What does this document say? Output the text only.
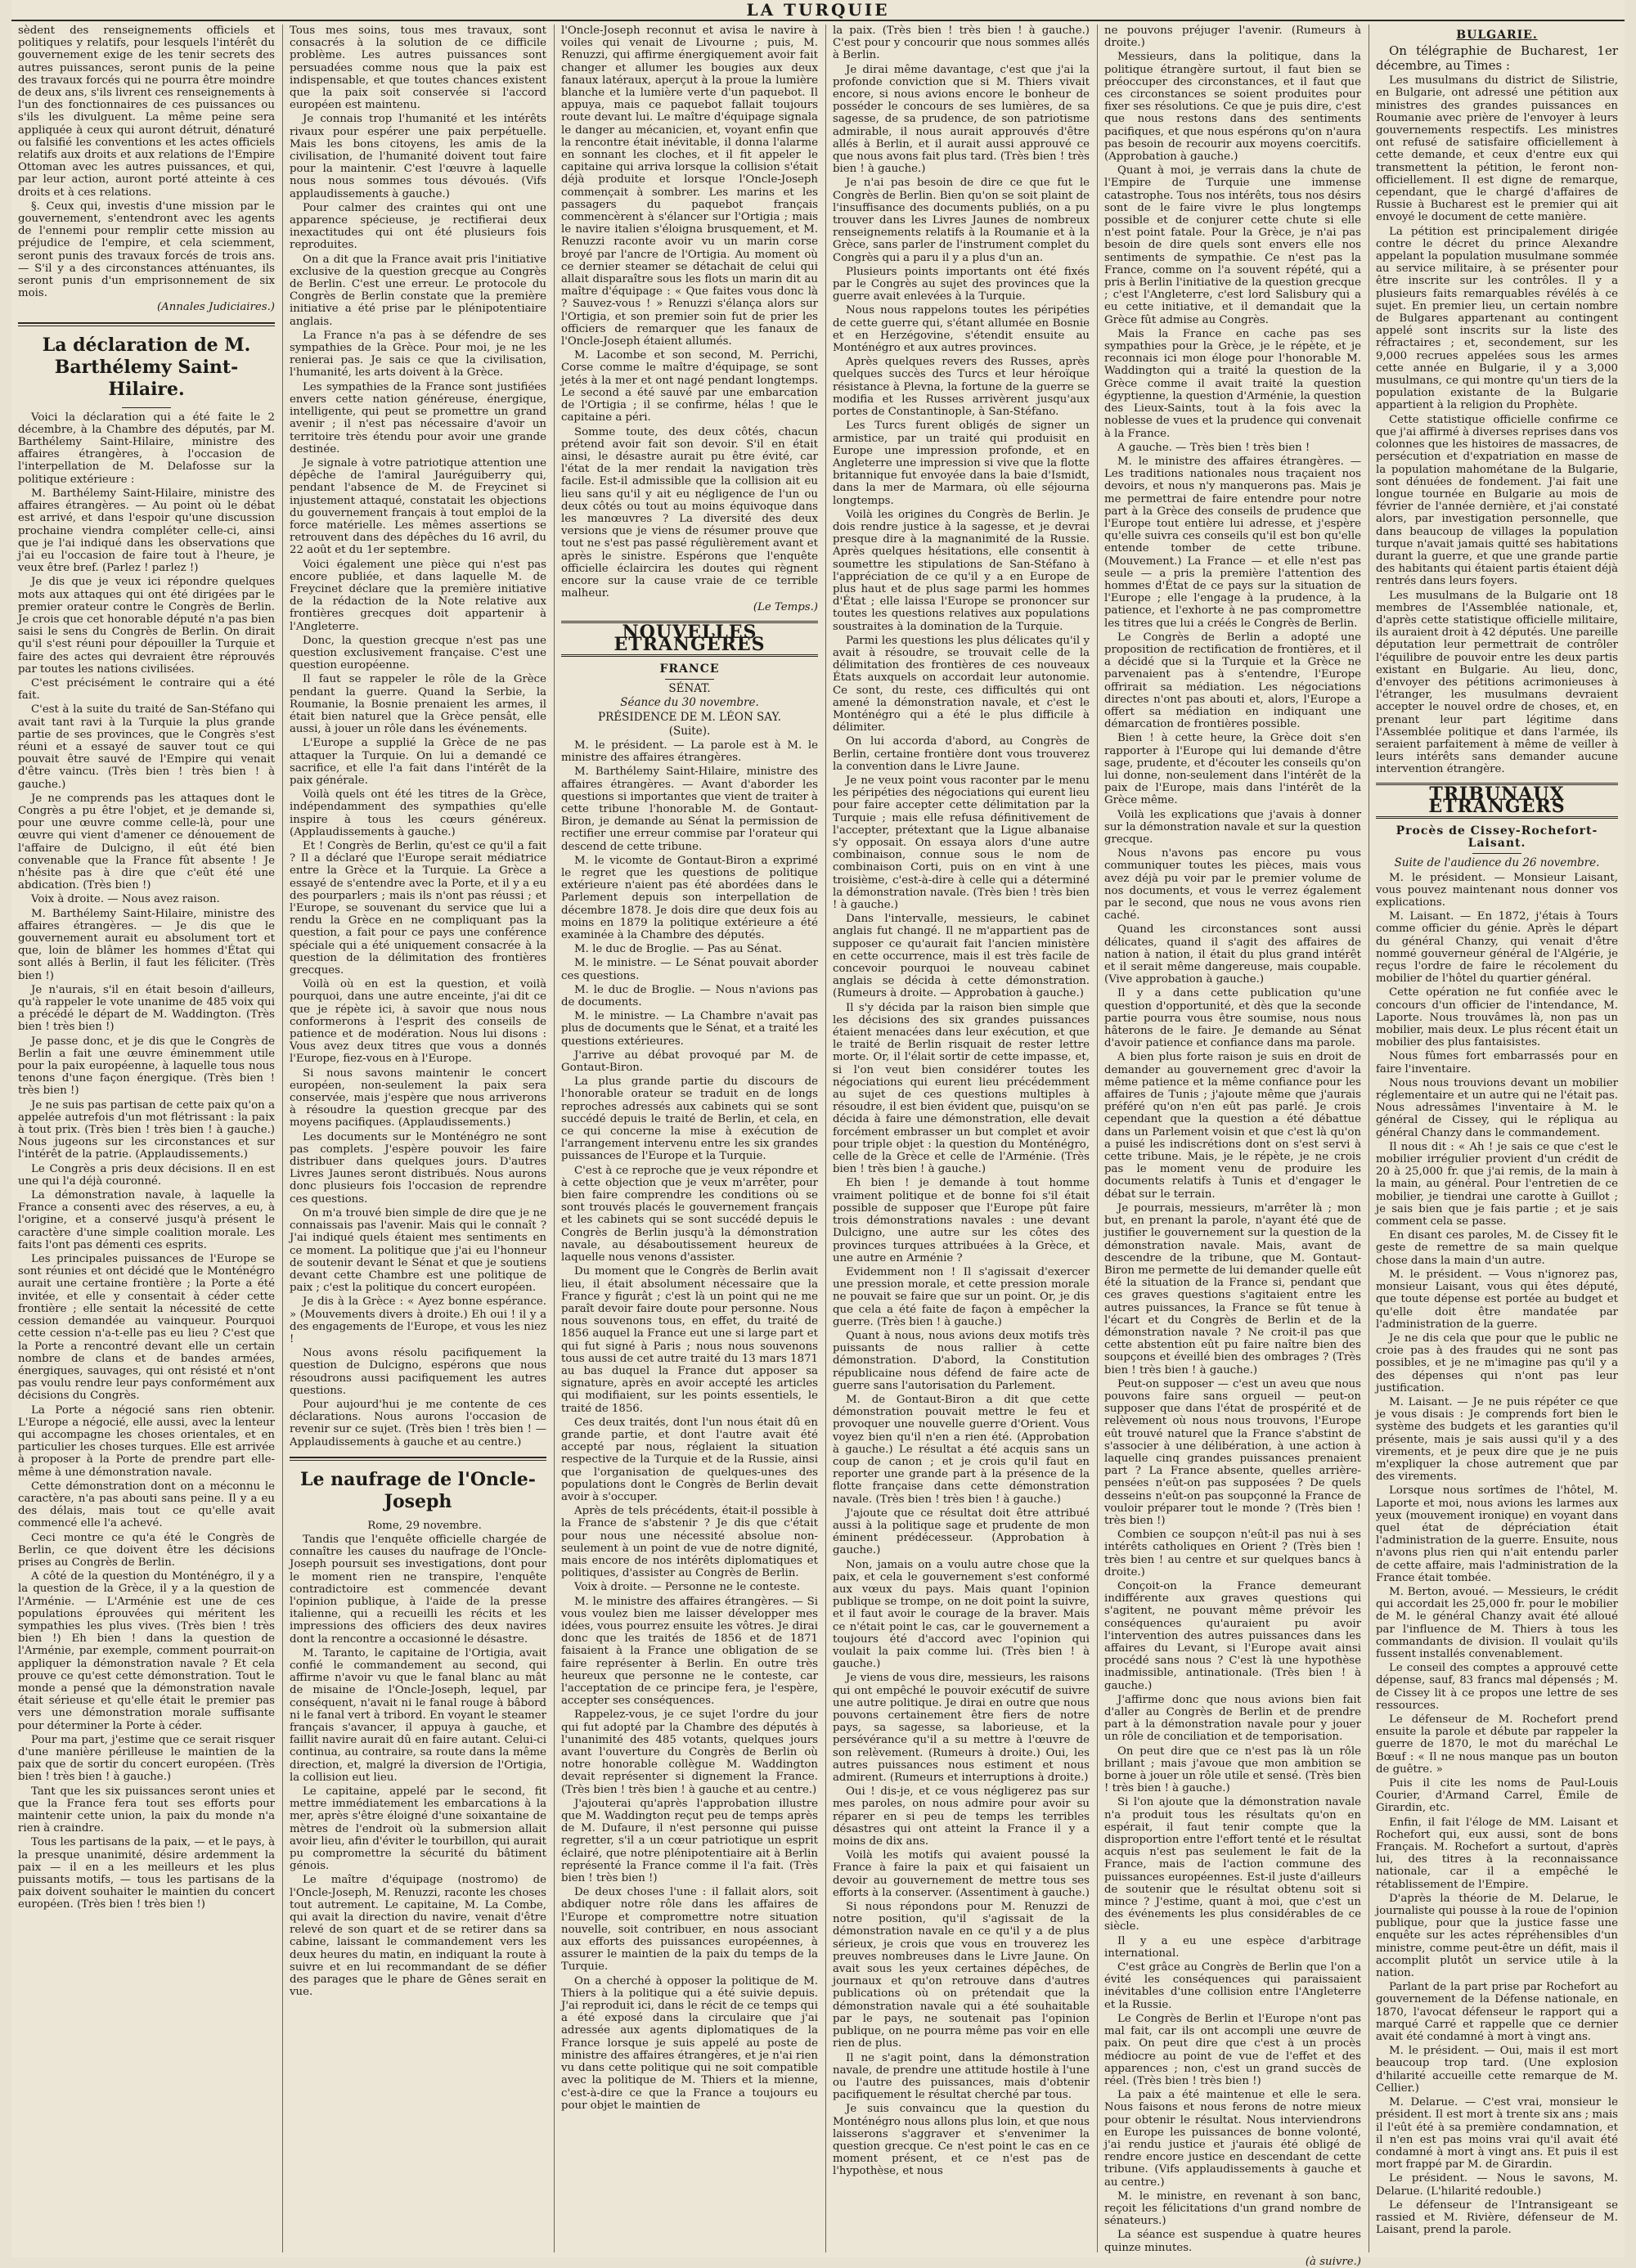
LA TURQUIE

sèdent des renseignements officiels et politiques y relatifs, pour lesquels l'intérêt du gouvernement exige de les tenir secrets des autres puissances, seront punis de la peine des travaux forcés qui ne pourra être moindre de deux ans, s'ils livrent ces renseignements à l'un des fonctionnaires de ces puissances ou s'ils les divulguent. La même peine sera appliquée à ceux qui auront détruit, dénaturé ou falsifié les conventions et les actes officiels relatifs aux droits et aux relations de l'Empire Ottoman avec les autres puissances, et qui, par leur action, auront porté atteinte à ces droits et à ces relations.

§. Ceux qui, investis d'une mission par le gouvernement, s'entendront avec les agents de l'ennemi pour remplir cette mission au préjudice de l'empire, et cela sciemment, seront punis des travaux forcés de trois ans. — S'il y a des circonstances atténuantes, ils seront punis d'un emprisonnement de six mois.

(Annales Judiciaires.)

La déclaration de M. Barthélemy Saint-Hilaire.

Voici la déclaration qui a été faite le 2 décembre, à la Chambre des députés, par M. Barthélemy Saint-Hilaire, ministre des affaires étrangères, à l'occasion de l'interpellation de M. Delafosse sur la politique extérieure :

M. Barthélemy Saint-Hilaire, ministre des affaires étrangères. — Au point où le débat est arrivé, et dans l'espoir qu'une discussion prochaine viendra compléter celle-ci, ainsi que je l'ai indiqué dans les observations que j'ai eu l'occasion de faire tout à l'heure, je veux être bref. (Parlez ! parlez !)

Je dis que je veux ici répondre quelques mots aux attaques qui ont été dirigées par le premier orateur contre le Congrès de Berlin. Je crois que cet honorable député n'a pas bien saisi le sens du Congrès de Berlin. On dirait qu'il s'est réuni pour dépouiller la Turquie et faire des actes qui devraient être réprouvés par toutes les nations civilisées.

C'est précisément le contraire qui a été fait.

C'est à la suite du traité de San-Stéfano qui avait tant ravi à la Turquie la plus grande partie de ses provinces, que le Congrès s'est réuni et a essayé de sauver tout ce qui pouvait être sauvé de l'Empire qui venait d'être vaincu. (Très bien ! très bien ! à gauche.)

Je ne comprends pas les attaques dont le Congrès a pu être l'objet, et je demande si, pour une œuvre comme celle-là, pour une œuvre qui vient d'amener ce dénouement de l'affaire de Dulcigno, il eût été bien convenable que la France fût absente ! Je n'hésite pas à dire que c'eût été une abdication. (Très bien !)

Voix à droite. — Nous avez raison.

M. Barthélemy Saint-Hilaire, ministre des affaires étrangères. — Je dis que le gouvernement aurait eu absolument tort et que, loin de blâmer les hommes d'État qui sont allés à Berlin, il faut les féliciter. (Très bien !)

Je n'aurais, s'il en était besoin d'ailleurs, qu'à rappeler le vote unanime de 485 voix qui a précédé le départ de M. Waddington. (Très bien ! très bien !)

Je passe donc, et je dis que le Congrès de Berlin a fait une œuvre éminemment utile pour la paix européenne, à laquelle tous nous tenons d'une façon énergique. (Très bien ! très bien !)

Je ne suis pas partisan de cette paix qu'on a appelée autrefois d'un mot flétrissant : la paix à tout prix. (Très bien ! très bien ! à gauche.) Nous jugeons sur les circonstances et sur l'intérêt de la patrie. (Applaudissements.)

Le Congrès a pris deux décisions. Il en est une qui l'a déjà couronné.

La démonstration navale, à laquelle la France a consenti avec des réserves, a eu, à l'origine, et a conservé jusqu'à présent le caractère d'une simple coalition morale. Les faits l'ont pas démenti ces esprits.

Les principales puissances de l'Europe se sont réunies et ont décidé que le Monténégro aurait une certaine frontière ; la Porte a été invitée, et elle y consentait à céder cette frontière ; elle sentait la nécessité de cette cession demandée au vainqueur. Pourquoi cette cession n'a-t-elle pas eu lieu ? C'est que la Porte a rencontré devant elle un certain nombre de clans et de bandes armées, énergiques, sauvages, qui ont résisté et n'ont pas voulu rendre leur pays conformément aux décisions du Congrès.

La Porte a négocié sans rien obtenir. L'Europe a négocié, elle aussi, avec la lenteur qui accompagne les choses orientales, et en particulier les choses turques. Elle est arrivée à proposer à la Porte de prendre part elle-même à une démonstration navale.

Cette démonstration dont on a méconnu le caractère, n'a pas abouti sans peine. Il y a eu des délais, mais tout ce qu'elle avait commencé elle l'a achevé.

Ceci montre ce qu'a été le Congrès de Berlin, ce que doivent être les décisions prises au Congrès de Berlin.

A côté de la question du Monténégro, il y a la question de la Grèce, il y a la question de l'Arménie. — L'Arménie est une de ces populations éprouvées qui méritent les sympathies les plus vives. (Très bien ! très bien !) Eh bien ! dans la question de l'Arménie, par exemple, comment pourrait-on appliquer la démonstration navale ? Et cela prouve ce qu'est cette démonstration. Tout le monde a pensé que la démonstration navale était sérieuse et qu'elle était le premier pas vers une démonstration morale suffisante pour déterminer la Porte à céder.

Pour ma part, j'estime que ce serait risquer d'une manière périlleuse le maintien de la paix que de sortir du concert européen. (Très bien ! très bien ! à gauche.)

Tant que les six puissances seront unies et que la France fera tout ses efforts pour maintenir cette union, la paix du monde n'a rien à craindre.

Tous les partisans de la paix, — et le pays, à la presque unanimité, désire ardemment la paix — il en a les meilleurs et les plus puissants motifs, — tous les partisans de la paix doivent souhaiter le maintien du concert européen. (Très bien ! très bien !)

Tous mes soins, tous mes travaux, sont consacrés à la solution de ce difficile problème. Les autres puissances sont persuadées comme nous que la paix est indispensable, et que toutes chances existent que la paix soit conservée si l'accord européen est maintenu.

Je connais trop l'humanité et les intérêts rivaux pour espérer une paix perpétuelle. Mais les bons citoyens, les amis de la civilisation, de l'humanité doivent tout faire pour la maintenir. C'est l'œuvre à laquelle nous nous sommes tous dévoués. (Vifs applaudissements à gauche.)

Pour calmer des craintes qui ont une apparence spécieuse, je rectifierai deux inexactitudes qui ont été plusieurs fois reproduites.

On a dit que la France avait pris l'initiative exclusive de la question grecque au Congrès de Berlin. C'est une erreur. Le protocole du Congrès de Berlin constate que la première initiative a été prise par le plénipotentiaire anglais.

La France n'a pas à se défendre de ses sympathies de la Grèce. Pour moi, je ne les renierai pas. Je sais ce que la civilisation, l'humanité, les arts doivent à la Grèce.

Les sympathies de la France sont justifiées envers cette nation généreuse, énergique, intelligente, qui peut se promettre un grand avenir ; il n'est pas nécessaire d'avoir un territoire très étendu pour avoir une grande destinée.

Je signale à votre patriotique attention une dépêche de l'amiral Jauréguiberry qui, pendant l'absence de M. de Freycinet si injustement attaqué, constatait les objections du gouvernement français à tout emploi de la force matérielle. Les mêmes assertions se retrouvent dans des dépêches du 16 avril, du 22 août et du 1er septembre.

Voici également une pièce qui n'est pas encore publiée, et dans laquelle M. de Freycinet déclare que la première initiative de la rédaction de la Note relative aux frontières grecques doit appartenir à l'Angleterre.

Donc, la question grecque n'est pas une question exclusivement française. C'est une question européenne.

Il faut se rappeler le rôle de la Grèce pendant la guerre. Quand la Serbie, la Roumanie, la Bosnie prenaient les armes, il était bien naturel que la Grèce pensât, elle aussi, à jouer un rôle dans les événements.

L'Europe a supplié la Grèce de ne pas attaquer la Turquie. On lui a demandé ce sacrifice, et elle l'a fait dans l'intérêt de la paix générale.

Voilà quels ont été les titres de la Grèce, indépendamment des sympathies qu'elle inspire à tous les cœurs généreux. (Applaudissements à gauche.)

Et ! Congrès de Berlin, qu'est ce qu'il a fait ? Il a déclaré que l'Europe serait médiatrice entre la Grèce et la Turquie. La Grèce a essayé de s'entendre avec la Porte, et il y a eu des pourparlers ; mais ils n'ont pas réussi ; et l'Europe, se souvenant du service que lui a rendu la Grèce en ne compliquant pas la question, a fait pour ce pays une conférence spéciale qui a été uniquement consacrée à la question de la délimitation des frontières grecques.

Voilà où en est la question, et voilà pourquoi, dans une autre enceinte, j'ai dit ce que je répète ici, à savoir que nous nous conformerons à l'esprit des conseils de patience et de modération. Nous lui disons : Vous avez deux titres que vous a donnés l'Europe, fiez-vous en à l'Europe.

Si nous savons maintenir le concert européen, non-seulement la paix sera conservée, mais j'espère que nous arriverons à résoudre la question grecque par des moyens pacifiques. (Applaudissements.)

Les documents sur le Monténégro ne sont pas complets. J'espère pouvoir les faire distribuer dans quelques jours. D'autres Livres Jaunes seront distribués. Nous aurons donc plusieurs fois l'occasion de reprendre ces questions.

On m'a trouvé bien simple de dire que je ne connaissais pas l'avenir. Mais qui le connaît ? J'ai indiqué quels étaient mes sentiments en ce moment. La politique que j'ai eu l'honneur de soutenir devant le Sénat et que je soutiens devant cette Chambre est une politique de paix ; c'est la politique du concert européen.

Je dis à la Grèce : « Ayez bonne espérance. » (Mouvements divers à droite.) Eh oui ! il y a des engagements de l'Europe, et vous les niez !

Nous avons résolu pacifiquement la question de Dulcigno, espérons que nous résoudrons aussi pacifiquement les autres questions.

Pour aujourd'hui je me contente de ces déclarations. Nous aurons l'occasion de revenir sur ce sujet. (Très bien ! très bien ! — Applaudissements à gauche et au centre.)

Le naufrage de l'Oncle-Joseph

Rome, 29 novembre.

Tandis que l'enquête officielle chargée de connaître les causes du naufrage de l'Oncle-Joseph poursuit ses investigations, dont pour le moment rien ne transpire, l'enquête contradictoire est commencée devant l'opinion publique, à l'aide de la presse italienne, qui a recueilli les récits et les impressions des officiers des deux navires dont la rencontre a occasionné le désastre.

M. Taranto, le capitaine de l'Ortigia, avait confié le commandement au second, qui affirme n'avoir vu que le fanal blanc au mât de misaine de l'Oncle-Joseph, lequel, par conséquent, n'avait ni le fanal rouge à bâbord ni le fanal vert à tribord. En voyant le steamer français s'avancer, il appuya à gauche, et faillit navire aurait dû en faire autant. Celui-ci continua, au contraire, sa route dans la même direction, et, malgré la diversion de l'Ortigia, la collision eut lieu.

Le capitaine, appelé par le second, fit mettre immédiatement les embarcations à la mer, après s'être éloigné d'une soixantaine de mètres de l'endroit où la submersion allait avoir lieu, afin d'éviter le tourbillon, qui aurait pu compromettre la sécurité du bâtiment génois.

Le maître d'équipage (nostromo) de l'Oncle-Joseph, M. Renuzzi, raconte les choses tout autrement. Le capitaine, M. La Combe, qui avait la direction du navire, venait d'être relevé de son quart et de se retirer dans sa cabine, laissant le commandement vers les deux heures du matin, en indiquant la route à suivre et en lui recommandant de se défier des parages que le phare de Gênes serait en vue.

l'Oncle-Joseph reconnut et avisa le navire à voiles qui venait de Livourne ; puis, M. Renuzzi, qui affirme énergiquement avoir fait changer et allumer les bougies aux deux fanaux latéraux, aperçut à la proue la lumière blanche et la lumière verte d'un paquebot. Il appuya, mais ce paquebot fallait toujours route devant lui. Le maître d'équipage signala le danger au mécanicien, et, voyant enfin que la rencontre était inévitable, il donna l'alarme en sonnant les cloches, et il fit appeler le capitaine qui arriva lorsque la collision s'était déjà produite et lorsque l'Oncle-Joseph commençait à sombrer. Les marins et les passagers du paquebot français commencèrent à s'élancer sur l'Ortigia ; mais le navire italien s'éloigna brusquement, et M. Renuzzi raconte avoir vu un marin corse broyé par l'ancre de l'Ortigia. Au moment où ce dernier steamer se détachait de celui qui allait disparaître sous les flots un marin dit au maître d'équipage : « Que faites vous donc là ? Sauvez-vous ! » Renuzzi s'élança alors sur l'Ortigia, et son premier soin fut de prier les officiers de remarquer que les fanaux de l'Oncle-Joseph étaient allumés.

M. Lacombe et son second, M. Perrichi, Corse comme le maître d'équipage, se sont jetés à la mer et ont nagé pendant longtemps. Le second a été sauvé par une embarcation de l'Ortigia ; il se confirme, hélas ! que le capitaine a péri.

Somme toute, des deux côtés, chacun prétend avoir fait son devoir. S'il en était ainsi, le désastre aurait pu être évité, car l'état de la mer rendait la navigation très facile. Est-il admissible que la collision ait eu lieu sans qu'il y ait eu négligence de l'un ou deux côtés ou tout au moins équivoque dans les manœuvres ? La diversité des deux versions que je viens de résumer prouve que tout ne s'est pas passé régulièrement avant et après le sinistre. Espérons que l'enquête officielle éclaircira les doutes qui règnent encore sur la cause vraie de ce terrible malheur.

(Le Temps.)

NOUVELLES ETRANGÈRES
FRANCE
SÉNAT.
Séance du 30 novembre.
PRÉSIDENCE DE M. LÉON SAY.
(Suite).

M. le président. — La parole est à M. le ministre des affaires étrangères.

M. Barthélemy Saint-Hilaire, ministre des affaires étrangères. — Avant d'aborder les questions si importantes que vient de traiter à cette tribune l'honorable M. de Gontaut-Biron, je demande au Sénat la permission de rectifier une erreur commise par l'orateur qui descend de cette tribune.

M. le vicomte de Gontaut-Biron a exprimé le regret que les questions de politique extérieure n'aient pas été abordées dans le Parlement depuis son interpellation de décembre 1878. Je dois dire que deux fois au moins en 1879 la politique extérieure a été examinée à la Chambre des députés.

M. le duc de Broglie. — Pas au Sénat.

M. le ministre. — Le Sénat pouvait aborder ces questions.

M. le duc de Broglie. — Nous n'avions pas de documents.

M. le ministre. — La Chambre n'avait pas plus de documents que le Sénat, et a traité les questions extérieures.

J'arrive au débat provoqué par M. de Gontaut-Biron.

La plus grande partie du discours de l'honorable orateur se traduit en de longs reproches adressés aux cabinets qui se sont succédé depuis le traité de Berlin, et cela, en ce qui concerne la mise à exécution de l'arrangement intervenu entre les six grandes puissances de l'Europe et la Turquie.

C'est à ce reproche que je veux répondre et à cette objection que je veux m'arrêter, pour bien faire comprendre les conditions où se sont trouvés placés le gouvernement français et les cabinets qui se sont succédé depuis le Congrès de Berlin jusqu'à la démonstration navale, au désaboutissement heureux de laquelle nous venons d'assister.

Du moment que le Congrès de Berlin avait lieu, il était absolument nécessaire que la France y figurât ; c'est là un point qui ne me paraît devoir faire doute pour personne. Nous nous souvenons tous, en effet, du traité de 1856 auquel la France eut une si large part et qui fut signé à Paris ; nous nous souvenons tous aussi de cet autre traité du 13 mars 1871 au bas duquel la France dut apposer sa signature, après en avoir accepté les articles qui modifiaient, sur les points essentiels, le traité de 1856.

Ces deux traités, dont l'un nous était dû en grande partie, et dont l'autre avait été accepté par nous, réglaient la situation respective de la Turquie et de la Russie, ainsi que l'organisation de quelques-unes des populations dont le Congrès de Berlin devait avoir à s'occuper.

Après de tels précédents, était-il possible à la France de s'abstenir ? Je dis que c'était pour nous une nécessité absolue non-seulement à un point de vue de notre dignité, mais encore de nos intérêts diplomatiques et politiques, d'assister au Congrès de Berlin.

Voix à droite. — Personne ne le conteste.

M. le ministre des affaires étrangères. — Si vous voulez bien me laisser développer mes idées, vous pourrez ensuite les vôtres. Je dirai donc que les traités de 1856 et de 1871 faisaient à la France une obligation de se faire représenter à Berlin. En outre très heureux que personne ne le conteste, car l'acceptation de ce principe fera, je l'espère, accepter ses conséquences.

Rappelez-vous, je ce sujet l'ordre du jour qui fut adopté par la Chambre des députés à l'unanimité des 485 votants, quelques jours avant l'ouverture du Congrès de Berlin où notre honorable collègue M. Waddington devait représenter si dignement la France. (Très bien ! très bien ! à gauche et au centre.)

J'ajouterai qu'après l'approbation illustre que M. Waddington reçut peu de temps après de M. Dufaure, il n'est personne qui puisse regretter, s'il a un cœur patriotique un esprit éclairé, que notre plénipotentiaire ait à Berlin représenté la France comme il l'a fait. (Très bien ! très bien !)

De deux choses l'une : il fallait alors, soit abdiquer notre rôle dans les affaires de l'Europe et compromettre notre situation nouvelle, soit contribuer, en nous associant aux efforts des puissances européennes, à assurer le maintien de la paix du temps de la Turquie.

On a cherché à opposer la politique de M. Thiers à la politique qui a été suivie depuis. J'ai reproduit ici, dans le récit de ce temps qui a été exposé dans la circulaire que j'ai adressée aux agents diplomatiques de la France lorsque je suis appelé au poste de ministre des affaires étrangères, et je n'ai rien vu dans cette politique qui ne soit compatible avec la politique de M. Thiers et la mienne, c'est-à-dire ce que la France a toujours eu pour objet le maintien de

la paix. (Très bien ! très bien ! à gauche.) C'est pour y concourir que nous sommes allés à Berlin.

Je dirai même davantage, c'est que j'ai la profonde conviction que si M. Thiers vivait encore, si nous avions encore le bonheur de posséder le concours de ses lumières, de sa sagesse, de sa prudence, de son patriotisme admirable, il nous aurait approuvés d'être allés à Berlin, et il aurait aussi approuvé ce que nous avons fait plus tard. (Très bien ! très bien ! à gauche.)

Je n'ai pas besoin de dire ce que fut le Congrès de Berlin. Bien qu'on se soit plaint de l'insuffisance des documents publiés, on a pu trouver dans les Livres Jaunes de nombreux renseignements relatifs à la Roumanie et à la Grèce, sans parler de l'instrument complet du Congrès qui a paru il y a plus d'un an.

Plusieurs points importants ont été fixés par le Congrès au sujet des provinces que la guerre avait enlevées à la Turquie.

Nous nous rappelons toutes les péripéties de cette guerre qui, s'étant allumée en Bosnie et en Herzégovine, s'étendit ensuite au Monténégro et aux autres provinces.

Après quelques revers des Russes, après quelques succès des Turcs et leur héroïque résistance à Plevna, la fortune de la guerre se modifia et les Russes arrivèrent jusqu'aux portes de Constantinople, à San-Stéfano.

Les Turcs furent obligés de signer un armistice, par un traité qui produisit en Europe une impression profonde, et en Angleterre une impression si vive que la flotte britannique fut envoyée dans la baie d'Ismidt, dans la mer de Marmara, où elle séjourna longtemps.

Voilà les origines du Congrès de Berlin. Je dois rendre justice à la sagesse, et je devrai presque dire à la magnanimité de la Russie. Après quelques hésitations, elle consentit à soumettre les stipulations de San-Stéfano à l'appréciation de ce qu'il y a en Europe de plus haut et de plus sage parmi les hommes d'État ; elle laissa l'Europe se prononcer sur toutes les questions relatives aux populations soustraites à la domination de la Turquie.

Parmi les questions les plus délicates qu'il y avait à résoudre, se trouvait celle de la délimitation des frontières de ces nouveaux États auxquels on accordait leur autonomie. Ce sont, du reste, ces difficultés qui ont amené la démonstration navale, et c'est le Monténégro qui a été le plus difficile à délimiter.

On lui accorda d'abord, au Congrès de Berlin, certaine frontière dont vous trouverez la convention dans le Livre Jaune.

Je ne veux point vous raconter par le menu les péripéties des négociations qui eurent lieu pour faire accepter cette délimitation par la Turquie ; mais elle refusa définitivement de l'accepter, prétextant que la Ligue albanaise s'y opposait. On essaya alors d'une autre combinaison, connue sous le nom de combinaison Corti, puis on en vint à une troisième, c'est-à-dire à celle qui a déterminé la démonstration navale. (Très bien ! très bien ! à gauche.)

Dans l'intervalle, messieurs, le cabinet anglais fut changé. Il ne m'appartient pas de supposer ce qu'aurait fait l'ancien ministère en cette occurrence, mais il est très facile de concevoir pourquoi le nouveau cabinet anglais se décida à cette démonstration. (Rumeurs à droite. — Approbation à gauche.)

Il s'y décida par la raison bien simple que les décisions des six grandes puissances étaient menacées dans leur exécution, et que le traité de Berlin risquait de rester lettre morte. Or, il l'élait sortir de cette impasse, et, si l'on veut bien considérer toutes les négociations qui eurent lieu précédemment au sujet de ces questions multiples à résoudre, il est bien évident que, puisqu'on se décida à faire une démonstration, elle devait forcément embrasser un but complet et avoir pour triple objet : la question du Monténégro, celle de la Grèce et celle de l'Arménie. (Très bien ! très bien ! à gauche.)

Eh bien ! je demande à tout homme vraiment politique et de bonne foi s'il était possible de supposer que l'Europe pût faire trois démonstrations navales : une devant Dulcigno, une autre sur les côtes des provinces turques attribuées à la Grèce, et une autre en Arménie ?

Evidemment non ! Il s'agissait d'exercer une pression morale, et cette pression morale ne pouvait se faire que sur un point. Or, je dis que cela a été faite de façon à empêcher la guerre. (Très bien ! à gauche.)

Quant à nous, nous avions deux motifs très puissants de nous rallier à cette démonstration. D'abord, la Constitution républicaine nous défend de faire acte de guerre sans l'autorisation du Parlement.

M. de Gontaut-Biron a dit que cette démonstration pouvait mettre le feu et provoquer une nouvelle guerre d'Orient. Vous voyez bien qu'il n'en a rien été. (Approbation à gauche.) Le résultat a été acquis sans un coup de canon ; et je crois qu'il faut en reporter une grande part à la présence de la flotte française dans cette démonstration navale. (Très bien ! très bien ! à gauche.)

J'ajoute que ce résultat doit être attribué aussi à la politique sage et prudente de mon éminent prédécesseur. (Approbation à gauche.)

Non, jamais on a voulu autre chose que la paix, et cela le gouvernement s'est conformé aux vœux du pays. Mais quant l'opinion publique se trompe, on ne doit point la suivre, et il faut avoir le courage de la braver. Mais ce n'était point le cas, car le gouvernement a toujours été d'accord avec l'opinion qui voulait la paix comme lui. (Très bien ! à gauche.)

Je viens de vous dire, messieurs, les raisons qui ont empêché le pouvoir exécutif de suivre une autre politique. Je dirai en outre que nous pouvons certainement être fiers de notre pays, sa sagesse, sa laborieuse, et la persévérance qu'il a su mettre à l'œuvre de son relèvement. (Rumeurs à droite.) Oui, les autres puissances nous estiment et nous admirent. (Rumeurs et interruptions à droite.)

Oui ! dis-je, et ce vous négligerez pas sur mes paroles, on nous admire pour avoir su réparer en si peu de temps les terribles désastres qui ont atteint la France il y a moins de dix ans.

Voilà les motifs qui avaient poussé la France à faire la paix et qui faisaient un devoir au gouvernement de mettre tous ses efforts à la conserver. (Assentiment à gauche.)

Si nous répondons pour M. Renuzzi de notre position, qu'il s'agissait de la démonstration navale en ce qu'il y a de plus sérieux, je crois que vous en trouverez les preuves nombreuses dans le Livre Jaune. On avait sous les yeux certaines dépêches, de journaux et qu'on retrouve dans d'autres publications où on prétendait que la démonstration navale qui a été souhaitable par le pays, ne soutenait pas l'opinion publique, on ne pourra même pas voir en elle rien de plus.

Il ne s'agit point, dans la démonstration navale, de prendre une attitude hostile à l'une ou l'autre des puissances, mais d'obtenir pacifiquement le résultat cherché par tous.

Je suis convaincu que la question du Monténégro nous allons plus loin, et que nous laisserons s'aggraver et s'envenimer la question grecque. Ce n'est point le cas en ce moment présent, et ce n'est pas de l'hypothèse, et nous

ne pouvons préjuger l'avenir. (Rumeurs à droite.)

Messieurs, dans la politique, dans la politique étrangère surtout, il faut bien se préoccuper des circonstances, et il faut que ces circonstances se soient produites pour fixer ses résolutions. Ce que je puis dire, c'est que nous restons dans des sentiments pacifiques, et que nous espérons qu'on n'aura pas besoin de recourir aux moyens coercitifs. (Approbation à gauche.)

Quant à moi, je verrais dans la chute de l'Empire de Turquie une immense catastrophe. Tous nos intérêts, tous nos désirs sont de le faire vivre le plus longtemps possible et de conjurer cette chute si elle n'est point fatale. Pour la Grèce, je n'ai pas besoin de dire quels sont envers elle nos sentiments de sympathie. Ce n'est pas la France, comme on l'a souvent répété, qui a pris à Berlin l'initiative de la question grecque ; c'est l'Angleterre, c'est lord Salisbury qui a eu cette initiative, et il demandait que la Grèce fût admise au Congrès.

Mais la France en cache pas ses sympathies pour la Grèce, je le répète, et je reconnais ici mon éloge pour l'honorable M. Waddington qui a traité la question de la Grèce comme il avait traité la question égyptienne, la question d'Arménie, la question des Lieux-Saints, tout à la fois avec la noblesse de vues et la prudence qui convenait à la France.

A gauche. — Très bien ! très bien !

M. le ministre des affaires étrangères. — Les traditions nationales nous traçaient nos devoirs, et nous n'y manquerons pas. Mais je me permettrai de faire entendre pour notre part à la Grèce des conseils de prudence que l'Europe tout entière lui adresse, et j'espère qu'elle suivra ces conseils qu'il est bon qu'elle entende tomber de cette tribune. (Mouvement.) La France — et elle n'est pas seule — a pris la première l'attention des hommes d'État de ce pays sur la situation de l'Europe ; elle l'engage à la prudence, à la patience, et l'exhorte à ne pas compromettre les titres que lui a créés le Congrès de Berlin.

Le Congrès de Berlin a adopté une proposition de rectification de frontières, et il a décidé que si la Turquie et la Grèce ne parvenaient pas à s'entendre, l'Europe offrirait sa médiation. Les négociations directes n'ont pas abouti et, alors, l'Europe a offert sa médiation en indiquant une démarcation de frontières possible.

Bien ! à cette heure, la Grèce doit s'en rapporter à l'Europe qui lui demande d'être sage, prudente, et d'écouter les conseils qu'on lui donne, non-seulement dans l'intérêt de la paix de l'Europe, mais dans l'intérêt de la Grèce même.

Voilà les explications que j'avais à donner sur la démonstration navale et sur la question grecque.

Nous n'avons pas encore pu vous communiquer toutes les pièces, mais vous avez déjà pu voir par le premier volume de nos documents, et vous le verrez également par le second, que nous ne vous avons rien caché.

Quand les circonstances sont aussi délicates, quand il s'agit des affaires de nation à nation, il était du plus grand intérêt et il serait même dangereuse, mais coupable. (Vive approbation à gauche.)

Il y a dans cette publication qu'une question d'opportunité, et dès que la seconde partie pourra vous être soumise, nous nous hâterons de le faire. Je demande au Sénat d'avoir patience et confiance dans ma parole.

A bien plus forte raison je suis en droit de demander au gouvernement grec d'avoir la même patience et la même confiance pour les affaires de Tunis ; j'ajoute même que j'aurais préféré qu'on n'en eût pas parlé. Je crois cependant que la question a été débattue dans un Parlement voisin et que c'est là qu'on a puisé les indiscrétions dont on s'est servi à cette tribune. Mais, je le répète, je ne crois pas le moment venu de produire les documents relatifs à Tunis et d'engager le débat sur le terrain.

Je pourrais, messieurs, m'arrêter là ; mon but, en prenant la parole, n'ayant été que de justifier le gouvernement sur la question de la démonstration navale. Mais, avant de descendre de la tribune, que M. Gontaut-Biron me permette de lui demander quelle eût été la situation de la France si, pendant que ces graves questions s'agitaient entre les autres puissances, la France se fût tenue à l'écart et du Congrès de Berlin et de la démonstration navale ? Ne croit-il pas que cette abstention eût pu faire naître bien des soupçons et éveillé bien des ombrages ? (Très bien ! très bien ! à gauche.)

Peut-on supposer — c'est un aveu que nous pouvons faire sans orgueil — peut-on supposer que dans l'état de prospérité et de relèvement où nous nous trouvons, l'Europe eût trouvé naturel que la France s'abstint de s'associer à une délibération, à une action à laquelle cinq grandes puissances prenaient part ? La France absente, quelles arrière-pensées n'eût-on pas supposées ? De quels desseins n'eût-on pas soupçonné la France de vouloir préparer tout le monde ? (Très bien ! très bien !)

Combien ce soupçon n'eût-il pas nui à ses intérêts catholiques en Orient ? (Très bien ! très bien ! au centre et sur quelques bancs à droite.)

Conçoit-on la France demeurant indifférente aux graves questions qui s'agitent, ne pouvant même prévoir les conséquences qu'auraient pu avoir l'intervention des autres puissances dans les affaires du Levant, si l'Europe avait ainsi procédé sans nous ? C'est là une hypothèse inadmissible, antinationale. (Très bien ! à gauche.)

J'affirme donc que nous avions bien fait d'aller au Congrès de Berlin et de prendre part à la démonstration navale pour y jouer un rôle de conciliation et de temporisation.

On peut dire que ce n'est pas là un rôle brillant ; mais j'avoue que mon ambition se borne à jouer un rôle utile et sensé. (Très bien ! très bien ! à gauche.)

Si l'on ajoute que la démonstration navale n'a produit tous les résultats qu'on en espérait, il faut tenir compte que la disproportion entre l'effort tenté et le résultat acquis n'est pas seulement le fait de la France, mais de l'action commune des puissances européennes. Est-il juste d'ailleurs de soutenir que le résultat obtenu soit si mince ? J'estime, quant à moi, que c'est un des événements les plus considérables de ce siècle.

Il y a eu une espèce d'arbitrage international.

C'est grâce au Congrès de Berlin que l'on a évité les conséquences qui paraissaient inévitables d'une collision entre l'Angleterre et la Russie.

Le Congrès de Berlin et l'Europe n'ont pas mal fait, car ils ont accompli une œuvre de paix. On peut dire que c'est à un procès médiocre au point de vue de l'effet et des apparences ; non, c'est un grand succès de réel. (Très bien ! très bien !)

La paix a été maintenue et elle le sera. Nous faisons et nous ferons de notre mieux pour obtenir le résultat. Nous interviendrons en Europe les puissances de bonne volonté, j'ai rendu justice et j'aurais été obligé de rendre encore justice en descendant de cette tribune. (Vifs applaudissements à gauche et au centre.)

M. le ministre, en revenant à son banc, reçoit les félicitations d'un grand nombre de sénateurs.)

La séance est suspendue à quatre heures quinze minutes.

(à suivre.)

BULGARIE.

On télégraphie de Bucharest, 1er décembre, au Times :

Les musulmans du district de Silistrie, en Bulgarie, ont adressé une pétition aux ministres des grandes puissances en Roumanie avec prière de l'envoyer à leurs gouvernements respectifs. Les ministres ont refusé de satisfaire officiellement à cette demande, et ceux d'entre eux qui transmettent la pétition, le feront non-officiellement. Il est digne de remarque, cependant, que le chargé d'affaires de Russie à Bucharest est le premier qui ait envoyé le document de cette manière.

La pétition est principalement dirigée contre le décret du prince Alexandre appelant la population musulmane sommée au service militaire, à se présenter pour être inscrite sur les contrôles. Il y a plusieurs faits remarquables révélés à ce sujet. En premier lieu, un certain nombre de Bulgares appartenant au contingent appelé sont inscrits sur la liste des réfractaires ; et, secondement, sur les 9,000 recrues appelées sous les armes cette année en Bulgarie, il y a 3,000 musulmans, ce qui montre qu'un tiers de la population existante de la Bulgarie appartient à la religion du Prophète.

Cette statistique officielle confirme ce que j'ai affirmé à diverses reprises dans vos colonnes que les histoires de massacres, de persécution et d'expatriation en masse de la population mahométane de la Bulgarie, sont dénuées de fondement. J'ai fait une longue tournée en Bulgarie au mois de février de l'année dernière, et j'ai constaté alors, par investigation personnelle, que dans beaucoup de villages la population turque n'avait jamais quitté ses habitations durant la guerre, et que une grande partie des habitants qui étaient partis étaient déjà rentrés dans leurs foyers.

Les musulmans de la Bulgarie ont 18 membres de l'Assemblée nationale, et, d'après cette statistique officielle militaire, ils auraient droit à 42 députés. Une pareille députation leur permettrait de contrôler l'équilibre de pouvoir entre les deux partis existant en Bulgarie. Au lieu, donc, d'envoyer des pétitions acrimonieuses à l'étranger, les musulmans devraient accepter le nouvel ordre de choses, et, en prenant leur part légitime dans l'Assemblée politique et dans l'armée, ils seraient parfaitement à même de veiller à leurs intérêts sans demander aucune intervention étrangère.

TRIBUNAUX ETRANGERS
Procès de Cissey-Rochefort-Laisant.
Suite de l'audience du 26 novembre.

M. le président. — Monsieur Laisant, vous pouvez maintenant nous donner vos explications.

M. Laisant. — En 1872, j'étais à Tours comme officier du génie. Après le départ du général Chanzy, qui venait d'être nommé gouverneur général de l'Algérie, je reçus l'ordre de faire le récolement du mobilier de l'hôtel du quartier général.

Cette opération ne fut confiée avec le concours d'un officier de l'intendance, M. Laporte. Nous trouvâmes là, non pas un mobilier, mais deux. Le plus récent était un mobilier des plus fantaisistes.

Nous fûmes fort embarrassés pour en faire l'inventaire.

Nous nous trouvions devant un mobilier réglementaire et un autre qui ne l'était pas. Nous adressâmes l'inventaire à M. le général de Cissey, qui le répliqua au général Chanzy dans le commandement.

Il nous dit : « Ah ! je sais ce que c'est le mobilier irrégulier provient d'un crédit de 20 à 25,000 fr. que j'ai remis, de la main à la main, au général. Pour l'entretien de ce mobilier, je tiendrai une carotte à Guillot ; je sais bien que je fais partie ; et je sais comment cela se passe.

En disant ces paroles, M. de Cissey fit le geste de remettre de sa main quelque chose dans la main d'un autre.

M. le président. — Vous n'ignorez pas, monsieur Laisant, vous qui êtes député, que toute dépense est portée au budget et qu'elle doit être mandatée par l'administration de la guerre.

Je ne dis cela que pour que le public ne croie pas à des fraudes qui ne sont pas possibles, et je ne m'imagine pas qu'il y a des dépenses qui n'ont pas leur justification.

M. Laisant. — Je ne puis répéter ce que je vous disais : Je comprends fort bien le système des budgets et les garanties qu'il présente, mais je sais aussi qu'il y a des virements, et je peux dire que je ne puis m'expliquer la chose autrement que par des virements.

Lorsque nous sortîmes de l'hôtel, M. Laporte et moi, nous avions les larmes aux yeux (mouvement ironique) en voyant dans quel état de dépréciation était l'administration de la guerre. Ensuite, nous n'avons plus rien qui n'ait entendu parler de cette affaire, mais l'administration de la France était tombée.

M. Berton, avoué. — Messieurs, le crédit qui accordait les 25,000 fr. pour le mobilier de M. le général Chanzy avait été alloué par l'influence de M. Thiers à tous les commandants de division. Il voulait qu'ils fussent installés convenablement.

Le conseil des comptes a approuvé cette dépense, sauf, 83 francs mal dépensés ; M. de Cissey lit à ce propos une lettre de ses ressources.

Le défenseur de M. Rochefort prend ensuite la parole et débute par rappeler la guerre de 1870, le mot du maréchal Le Bœuf : « Il ne nous manque pas un bouton de guêtre. »

Puis il cite les noms de Paul-Louis Courier, d'Armand Carrel, Émile de Girardin, etc.

Enfin, il fait l'éloge de MM. Laisant et Rochefort qui, eux aussi, sont de bons Français. M. Rochefort a surtout, d'après lui, des titres à la reconnaissance nationale, car il a empêché le rétablissement de l'Empire.

D'après la théorie de M. Delarue, le journaliste qui pousse à la roue de l'opinion publique, pour que la justice fasse une enquête sur les actes répréhensibles d'un ministre, comme peut-être un défit, mais il accomplit plutôt un service utile à la nation.

Parlant de la part prise par Rochefort au gouvernement de la Défense nationale, en 1870, l'avocat défenseur le rapport qui a marqué Carré et rappelle que ce dernier avait été condamné à mort à vingt ans.

M. le président. — Oui, mais il est mort beaucoup trop tard. (Une explosion d'hilarité accueille cette remarque de M. Cellier.)

M. Delarue. — C'est vrai, monsieur le président. Il est mort à trente six ans ; mais il l'eût été à sa première condamnation, et il n'en est pas moins vrai qu'il avait été condamné à mort à vingt ans. Et puis il est mort frappé par M. de Girardin.

Le président. — Nous le savons, M. Delarue. (L'hilarité redouble.)

Le défenseur de l'Intransigeant se rassied et M. Rivière, défenseur de M. Laisant, prend la parole.
